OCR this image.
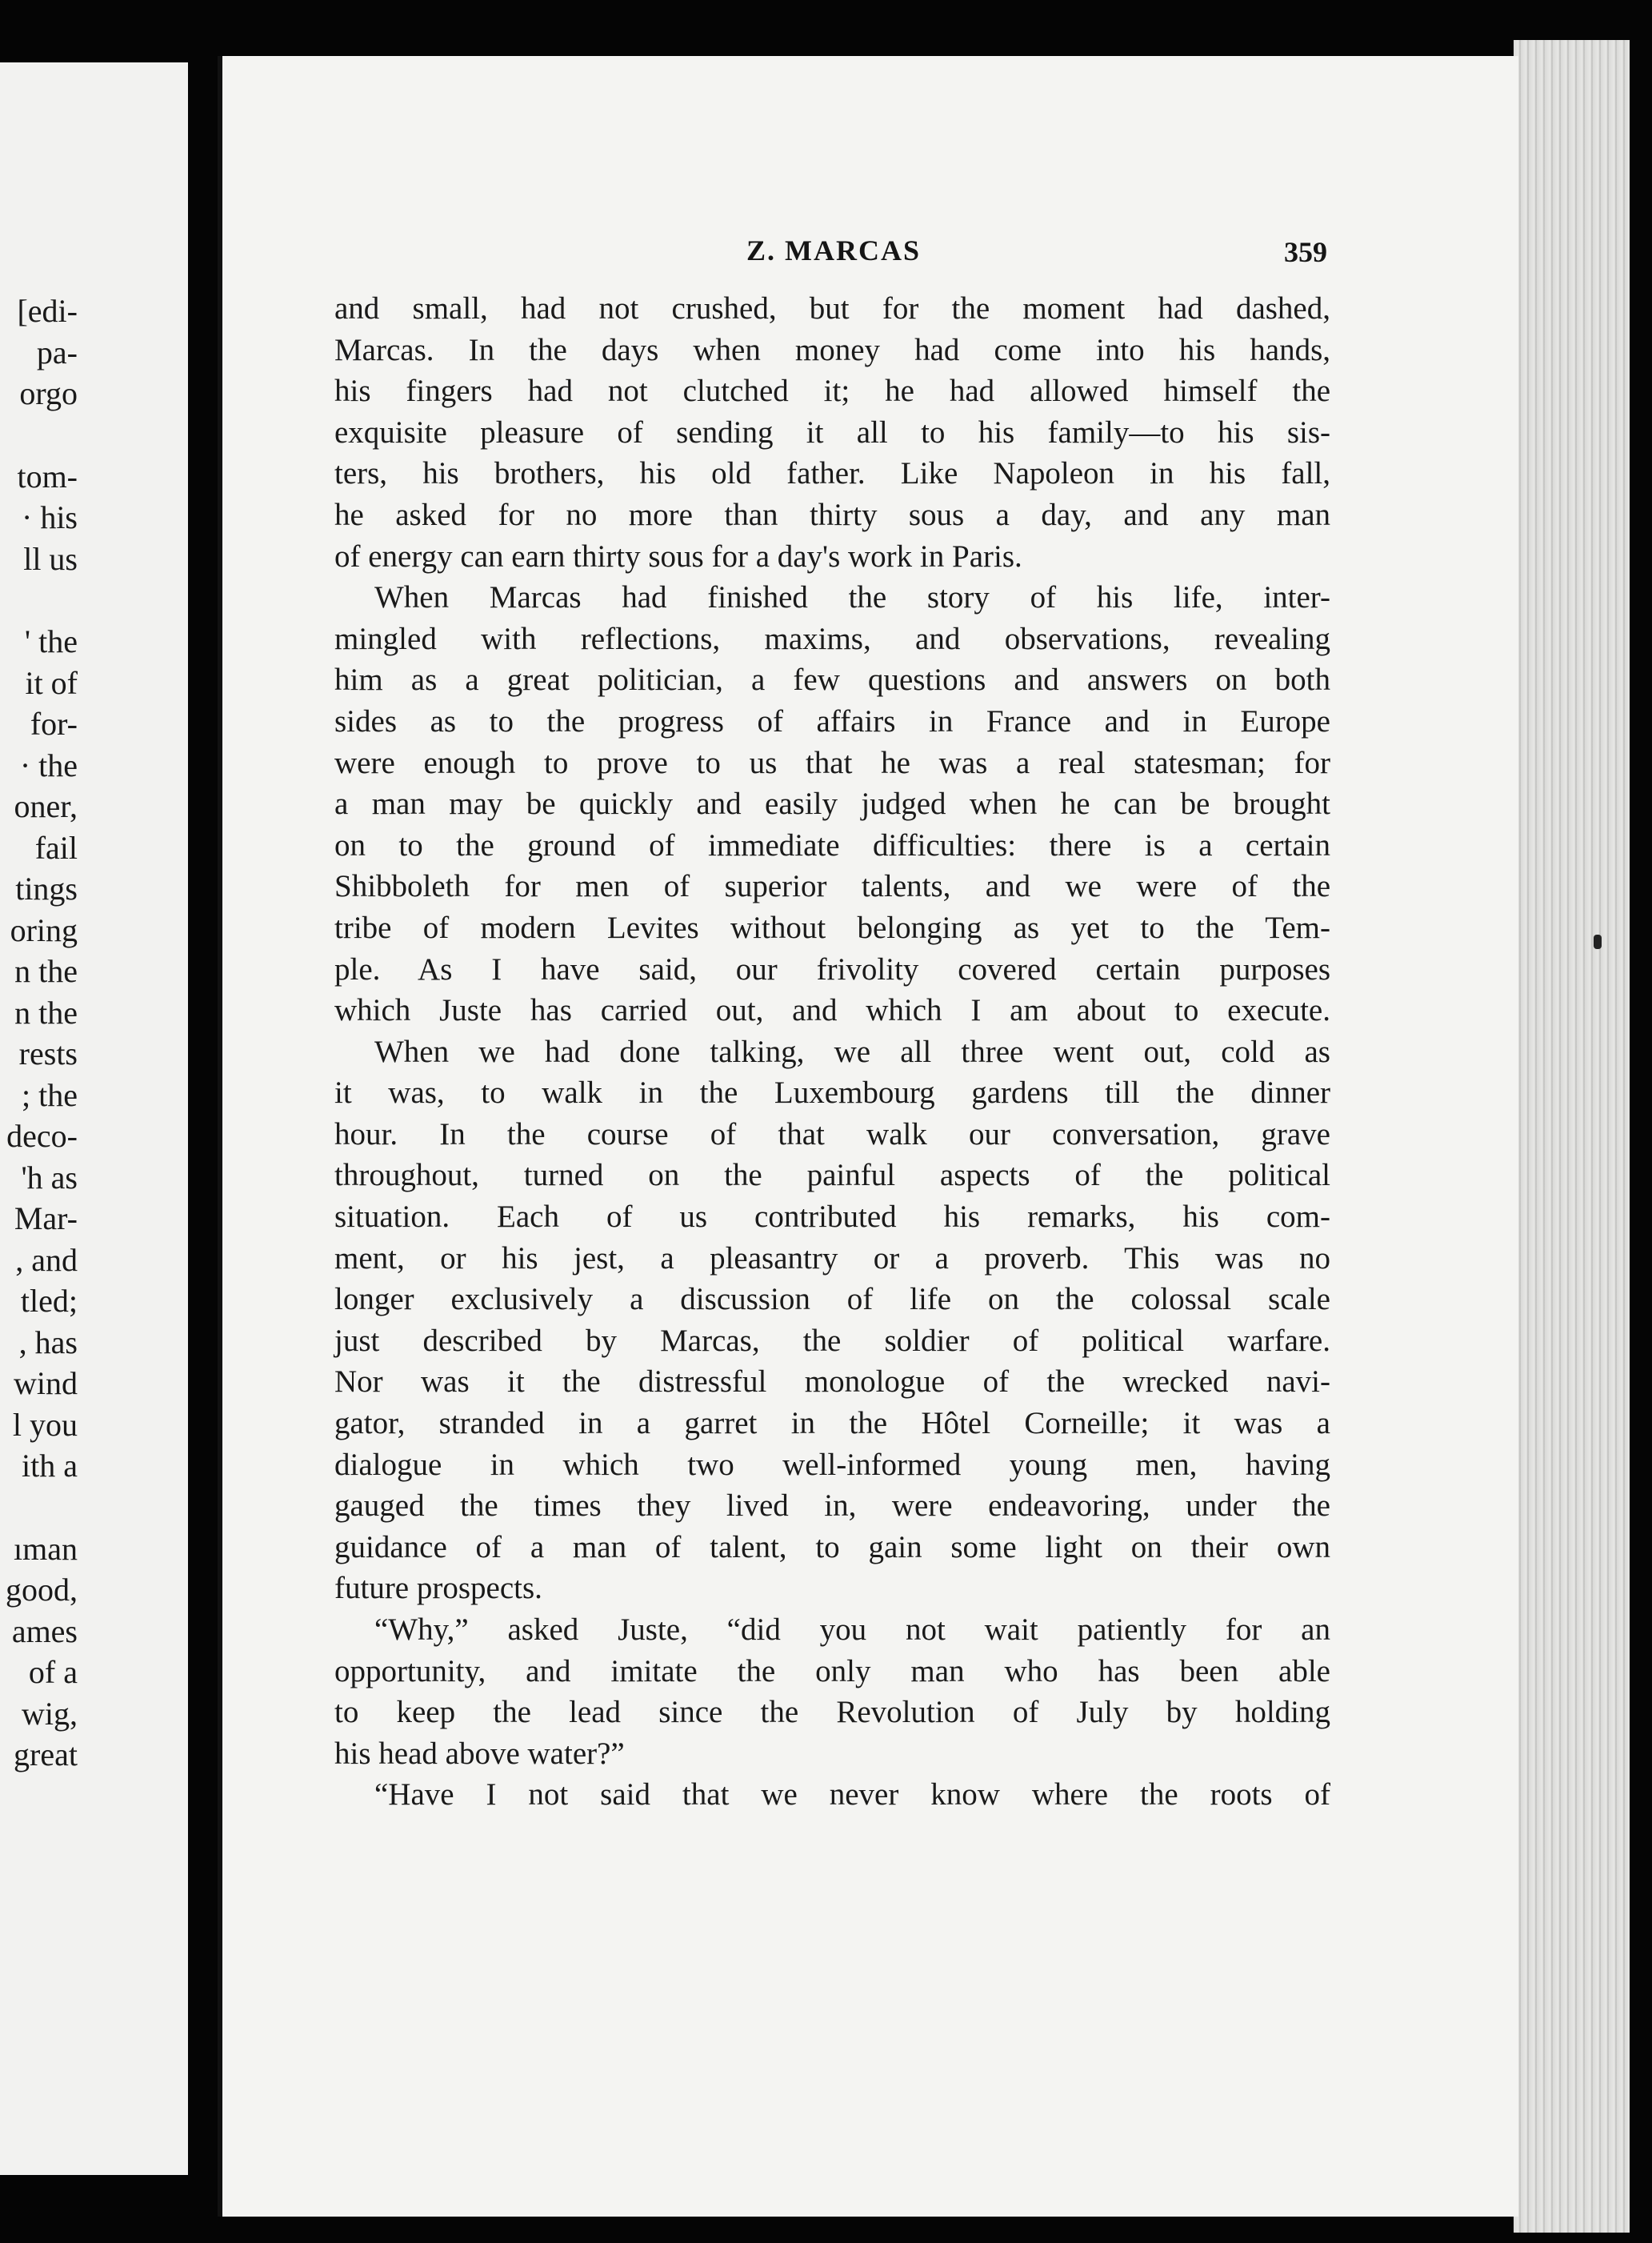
[edi-
pa-
orgo
tom-
· his
ll us
' the
it of
for-
· the
oner,
fail
tings
oring
n the
n the
rests
; the
deco-
'h as
Mar-
, and
tled;
, has
wind
l you
ith a
ıman
good,
ames
of a
wig,
great
Z. MARCAS	359
and small, had not crushed, but for the moment had dashed,
Marcas. In the days when money had come into his hands,
his fingers had not clutched it; he had allowed himself the
exquisite pleasure of sending it all to his family—to his sis-
ters, his brothers, his old father. Like Napoleon in his fall,
he asked for no more than thirty sous a day, and any man
of energy can earn thirty sous for a day's work in Paris.
When Marcas had finished the story of his life, inter-
mingled with reflections, maxims, and observations, revealing
him as a great politician, a few questions and answers on both
sides as to the progress of affairs in France and in Europe
were enough to prove to us that he was a real statesman; for
a man may be quickly and easily judged when he can be brought
on to the ground of immediate difficulties: there is a certain
Shibboleth for men of superior talents, and we were of the
tribe of modern Levites without belonging as yet to the Tem-
ple. As I have said, our frivolity covered certain purposes
which Juste has carried out, and which I am about to execute.
When we had done talking, we all three went out, cold as
it was, to walk in the Luxembourg gardens till the dinner
hour. In the course of that walk our conversation, grave
throughout, turned on the painful aspects of the political
situation. Each of us contributed his remarks, his com-
ment, or his jest, a pleasantry or a proverb. This was no
longer exclusively a discussion of life on the colossal scale
just described by Marcas, the soldier of political warfare.
Nor was it the distressful monologue of the wrecked navi-
gator, stranded in a garret in the Hôtel Corneille; it was a
dialogue in which two well-informed young men, having
gauged the times they lived in, were endeavoring, under the
guidance of a man of talent, to gain some light on their own
future prospects.
“Why,” asked Juste, “did you not wait patiently for an
opportunity, and imitate the only man who has been able
to keep the lead since the Revolution of July by holding
his head above water?”
“Have I not said that we never know where the roots of
